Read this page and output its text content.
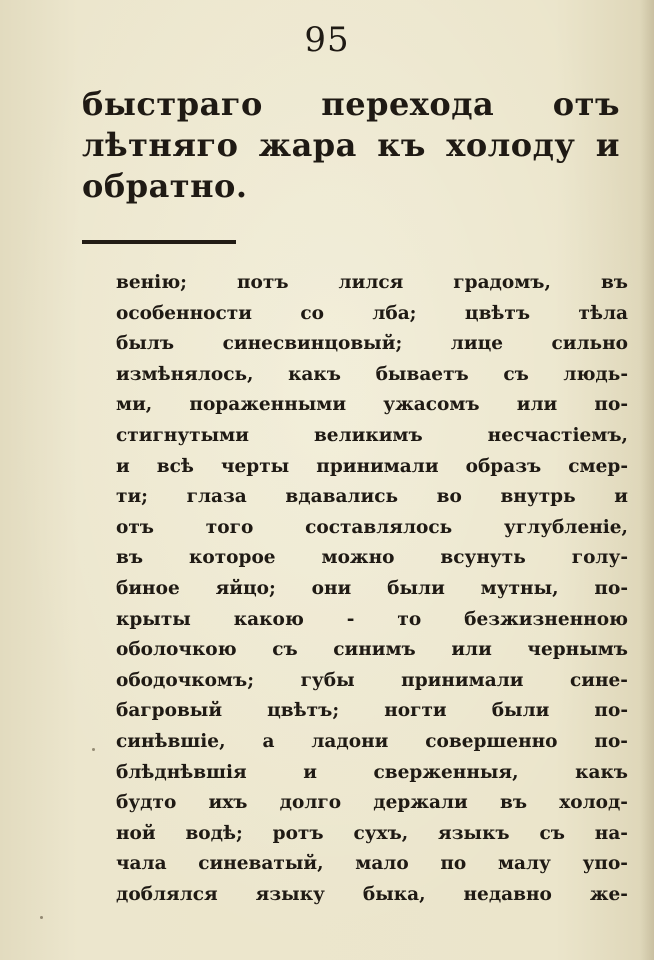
95
быстраго перехода отъ
лѣтняго жара къ холоду и
обратно.
венію; потъ лился градомъ, въ
особенности со лба; цвѣтъ тѣла
былъ синесвинцовый; лице сильно
измѣнялось, какъ бываетъ съ людь-
ми, пораженными ужасомъ или по-
стигнутыми великимъ несчастіемъ,
и всѣ черты принимали образъ смер-
ти; глаза вдавались во внутрь и
отъ того составлялось углубленіе,
въ которое можно всунуть голу-
биное яйцо; они были мутны, по-
крыты какою - то безжизненною
оболочкою съ синимъ или чернымъ
ободочкомъ; губы принимали сине-
багровый цвѣтъ; ногти были по-
синѣвшіе, а ладони совершенно по-
блѣднѣвшія и сверженныя, какъ
будто ихъ долго держали въ холод-
ной водѣ; ротъ сухъ, языкъ съ на-
чала синеватый, мало по малу упо-
доблялся языку быка, недавно же-
